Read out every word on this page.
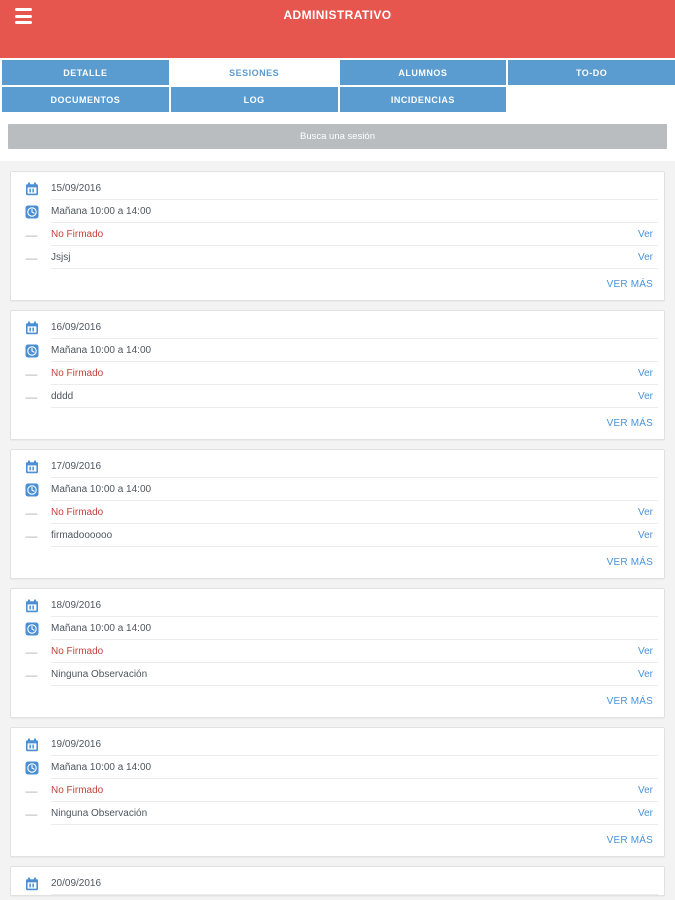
ADMINISTRATIVO
DETALLE	SESIONES	ALUMNOS	TO-DO
DOCUMENTOS	LOG	INCIDENCIAS
Busca una sesión
15/09/2016
Mañana 10:00 a 14:00
— No Firmado	Ver
— Jsjsj	Ver
VER MÁS
16/09/2016
Mañana 10:00 a 14:00
— No Firmado	Ver
— dddd	Ver
VER MÁS
17/09/2016
Mañana 10:00 a 14:00
— No Firmado	Ver
— firmadoooooo	Ver
VER MÁS
18/09/2016
Mañana 10:00 a 14:00
— No Firmado	Ver
— Ninguna Observación	Ver
VER MÁS
19/09/2016
Mañana 10:00 a 14:00
— No Firmado	Ver
— Ninguna Observación	Ver
VER MÁS
20/09/2016
